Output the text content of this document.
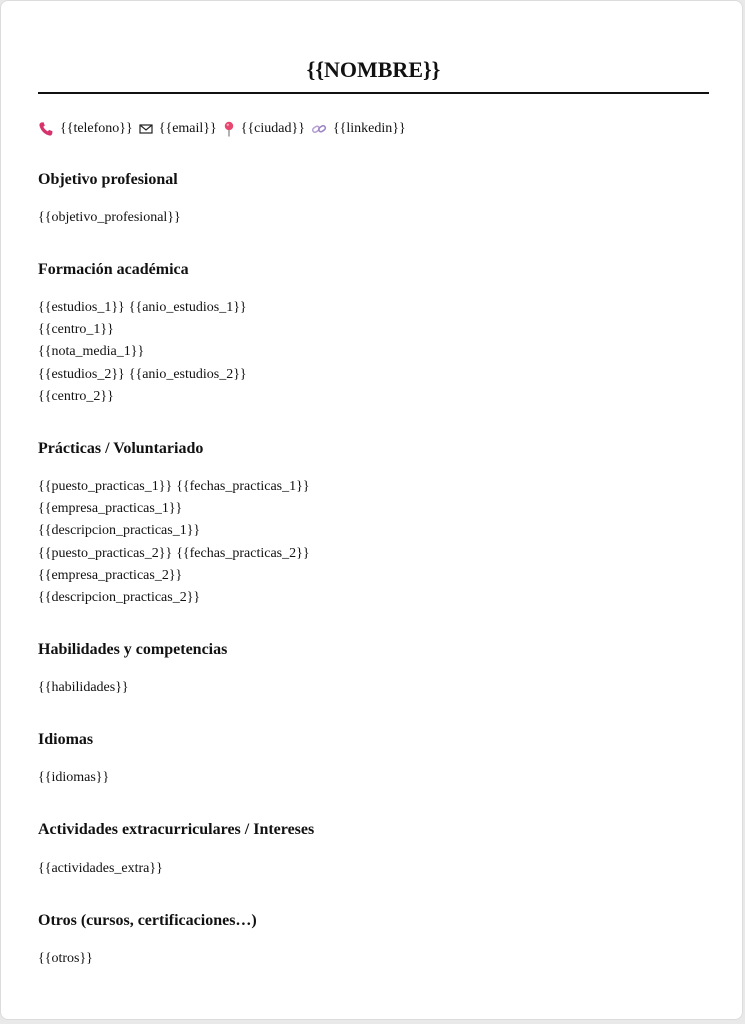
{{NOMBRE}}
{{telefono}} {{email}} {{ciudad}} {{linkedin}}
Objetivo profesional
{{objetivo_profesional}}
Formación académica
{{estudios_1}} {{anio_estudios_1}}
{{centro_1}}
{{nota_media_1}}
{{estudios_2}} {{anio_estudios_2}}
{{centro_2}}
Prácticas / Voluntariado
{{puesto_practicas_1}} {{fechas_practicas_1}}
{{empresa_practicas_1}}
{{descripcion_practicas_1}}
{{puesto_practicas_2}} {{fechas_practicas_2}}
{{empresa_practicas_2}}
{{descripcion_practicas_2}}
Habilidades y competencias
{{habilidades}}
Idiomas
{{idiomas}}
Actividades extracurriculares / Intereses
{{actividades_extra}}
Otros (cursos, certificaciones…)
{{otros}}
